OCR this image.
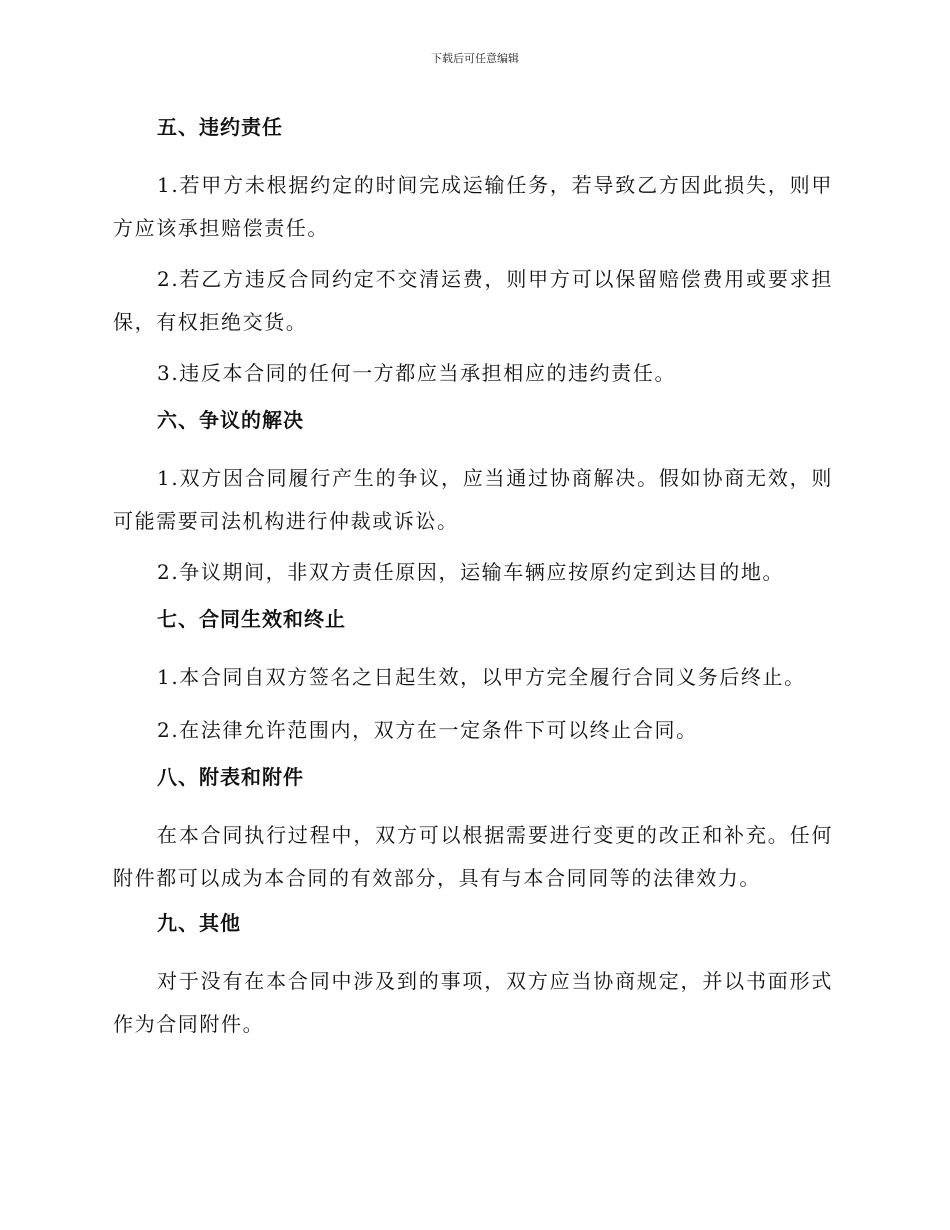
下载后可任意编辑
五、违约责任

1.若甲方未根据约定的时间完成运输任务，若导致乙方因此损失，则甲方应该承担赔偿责任。

2.若乙方违反合同约定不交清运费，则甲方可以保留赔偿费用或要求担保，有权拒绝交货。

3.违反本合同的任何一方都应当承担相应的违约责任。

六、争议的解决

1.双方因合同履行产生的争议，应当通过协商解决。假如协商无效，则可能需要司法机构进行仲裁或诉讼。

2.争议期间，非双方责任原因，运输车辆应按原约定到达目的地。

七、合同生效和终止

1.本合同自双方签名之日起生效，以甲方完全履行合同义务后终止。

2.在法律允许范围内，双方在一定条件下可以终止合同。

八、附表和附件

在本合同执行过程中，双方可以根据需要进行变更的改正和补充。任何附件都可以成为本合同的有效部分，具有与本合同同等的法律效力。

九、其他

对于没有在本合同中涉及到的事项，双方应当协商规定，并以书面形式作为合同附件。
